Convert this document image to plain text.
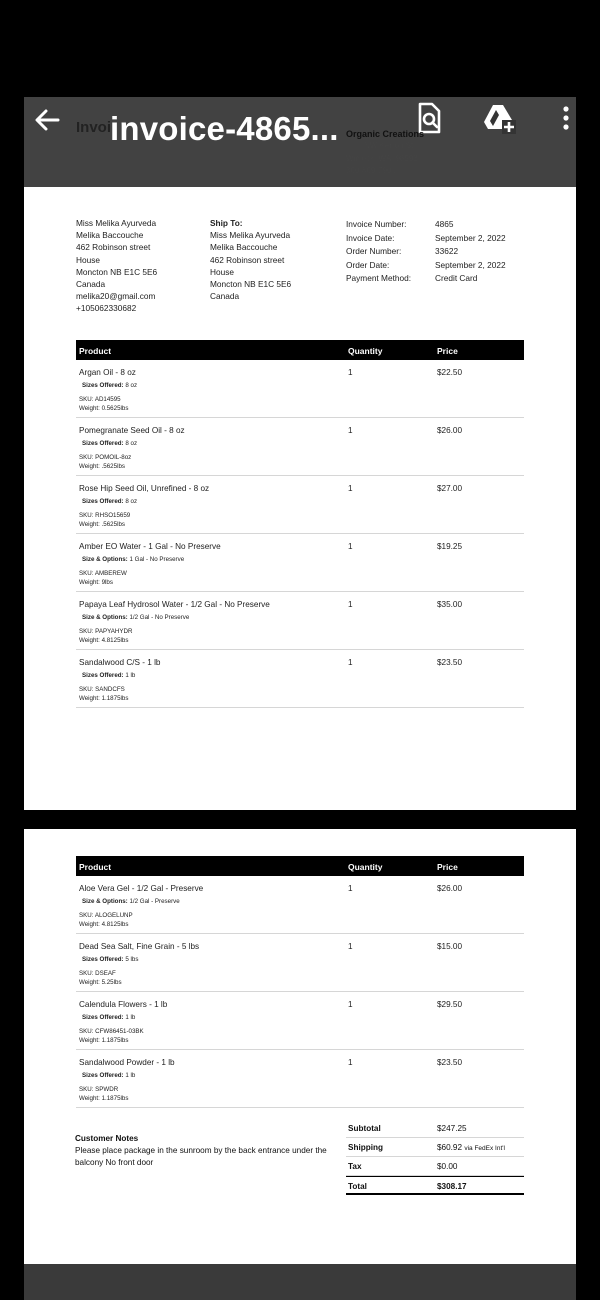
Invoi
invoice-4865... Organic Creations
NW Kerron St
Winlock, WA, 98593
360-869-7900
Miss Melika Ayurveda
Melika Baccouche
462 Robinson street
House
Moncton NB E1C 5E6
Canada
melika20@gmail.com
+105062330682
Ship To:
Miss Melika Ayurveda
Melika Baccouche
462 Robinson street
House
Moncton NB E1C 5E6
Canada
Invoice Number:	4865
Invoice Date:	September 2, 2022
Order Number:	33622
Order Date:	September 2, 2022
Payment Method:	Credit Card
Product	Quantity	Price
Argan Oil - 8 oz	1	$22.50
Sizes Offered: 8 oz
SKU: AD14595
Weight: 0.5625lbs
Pomegranate Seed Oil - 8 oz	1	$26.00
Sizes Offered: 8 oz
SKU: POMOIL-8oz
Weight: .5625lbs
Rose Hip Seed Oil, Unrefined - 8 oz	1	$27.00
Sizes Offered: 8 oz
SKU: RHSO15659
Weight: .5625lbs
Amber EO Water - 1 Gal - No Preserve	1	$19.25
Size & Options: 1 Gal - No Preserve
SKU: AMBEREW
Weight: 9lbs
Papaya Leaf Hydrosol Water - 1/2 Gal - No Preserve	1	$35.00
Size & Options: 1/2 Gal - No Preserve
SKU: PAPYAHYDR
Weight: 4.8125lbs
Sandalwood C/S - 1 lb	1	$23.50
Sizes Offered: 1 lb
SKU: SANDCFS
Weight: 1.1875lbs
Product	Quantity	Price
Aloe Vera Gel - 1/2 Gal - Preserve	1	$26.00
Size & Options: 1/2 Gal - Preserve
SKU: ALOGELUNP
Weight: 4.8125lbs
Dead Sea Salt, Fine Grain - 5 lbs	1	$15.00
Sizes Offered: 5 lbs
SKU: DSEAF
Weight: 5.25lbs
Calendula Flowers - 1 lb	1	$29.50
Sizes Offered: 1 lb
SKU: CFW86451-03BK
Weight: 1.1875lbs
Sandalwood Powder - 1 lb	1	$23.50
Sizes Offered: 1 lb
SKU: SPWDR
Weight: 1.1875lbs
Customer Notes
Please place package in the sunroom by the back entrance under the balcony No front door
Subtotal	$247.25
Shipping	$60.92 via FedEx Int'l
Tax	$0.00
Total	$308.17
